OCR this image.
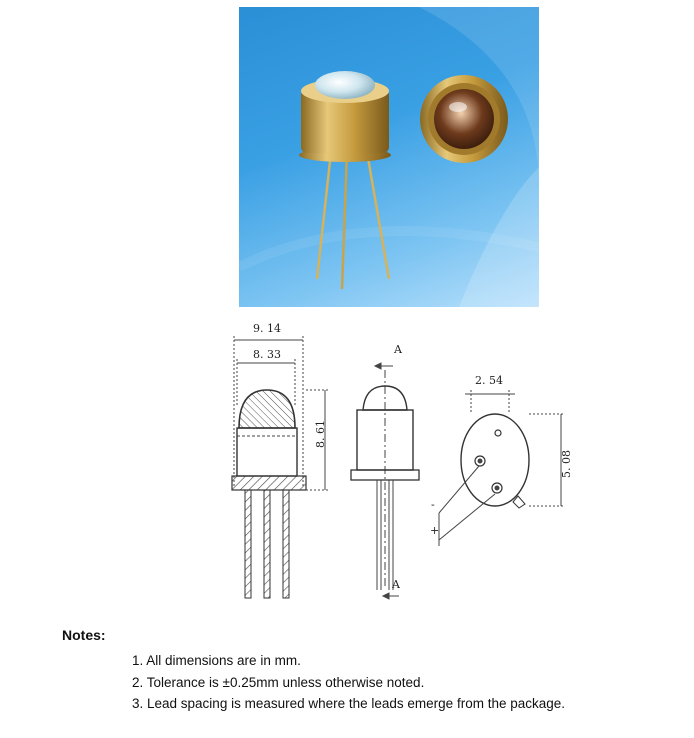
9. 14
8. 33
8. 61
A
A
2. 54
5. 08
-
+
Notes:
1. All dimensions are in mm.
2. Tolerance is ±0.25mm unless otherwise noted.
3. Lead spacing is measured where the leads emerge from the package.
